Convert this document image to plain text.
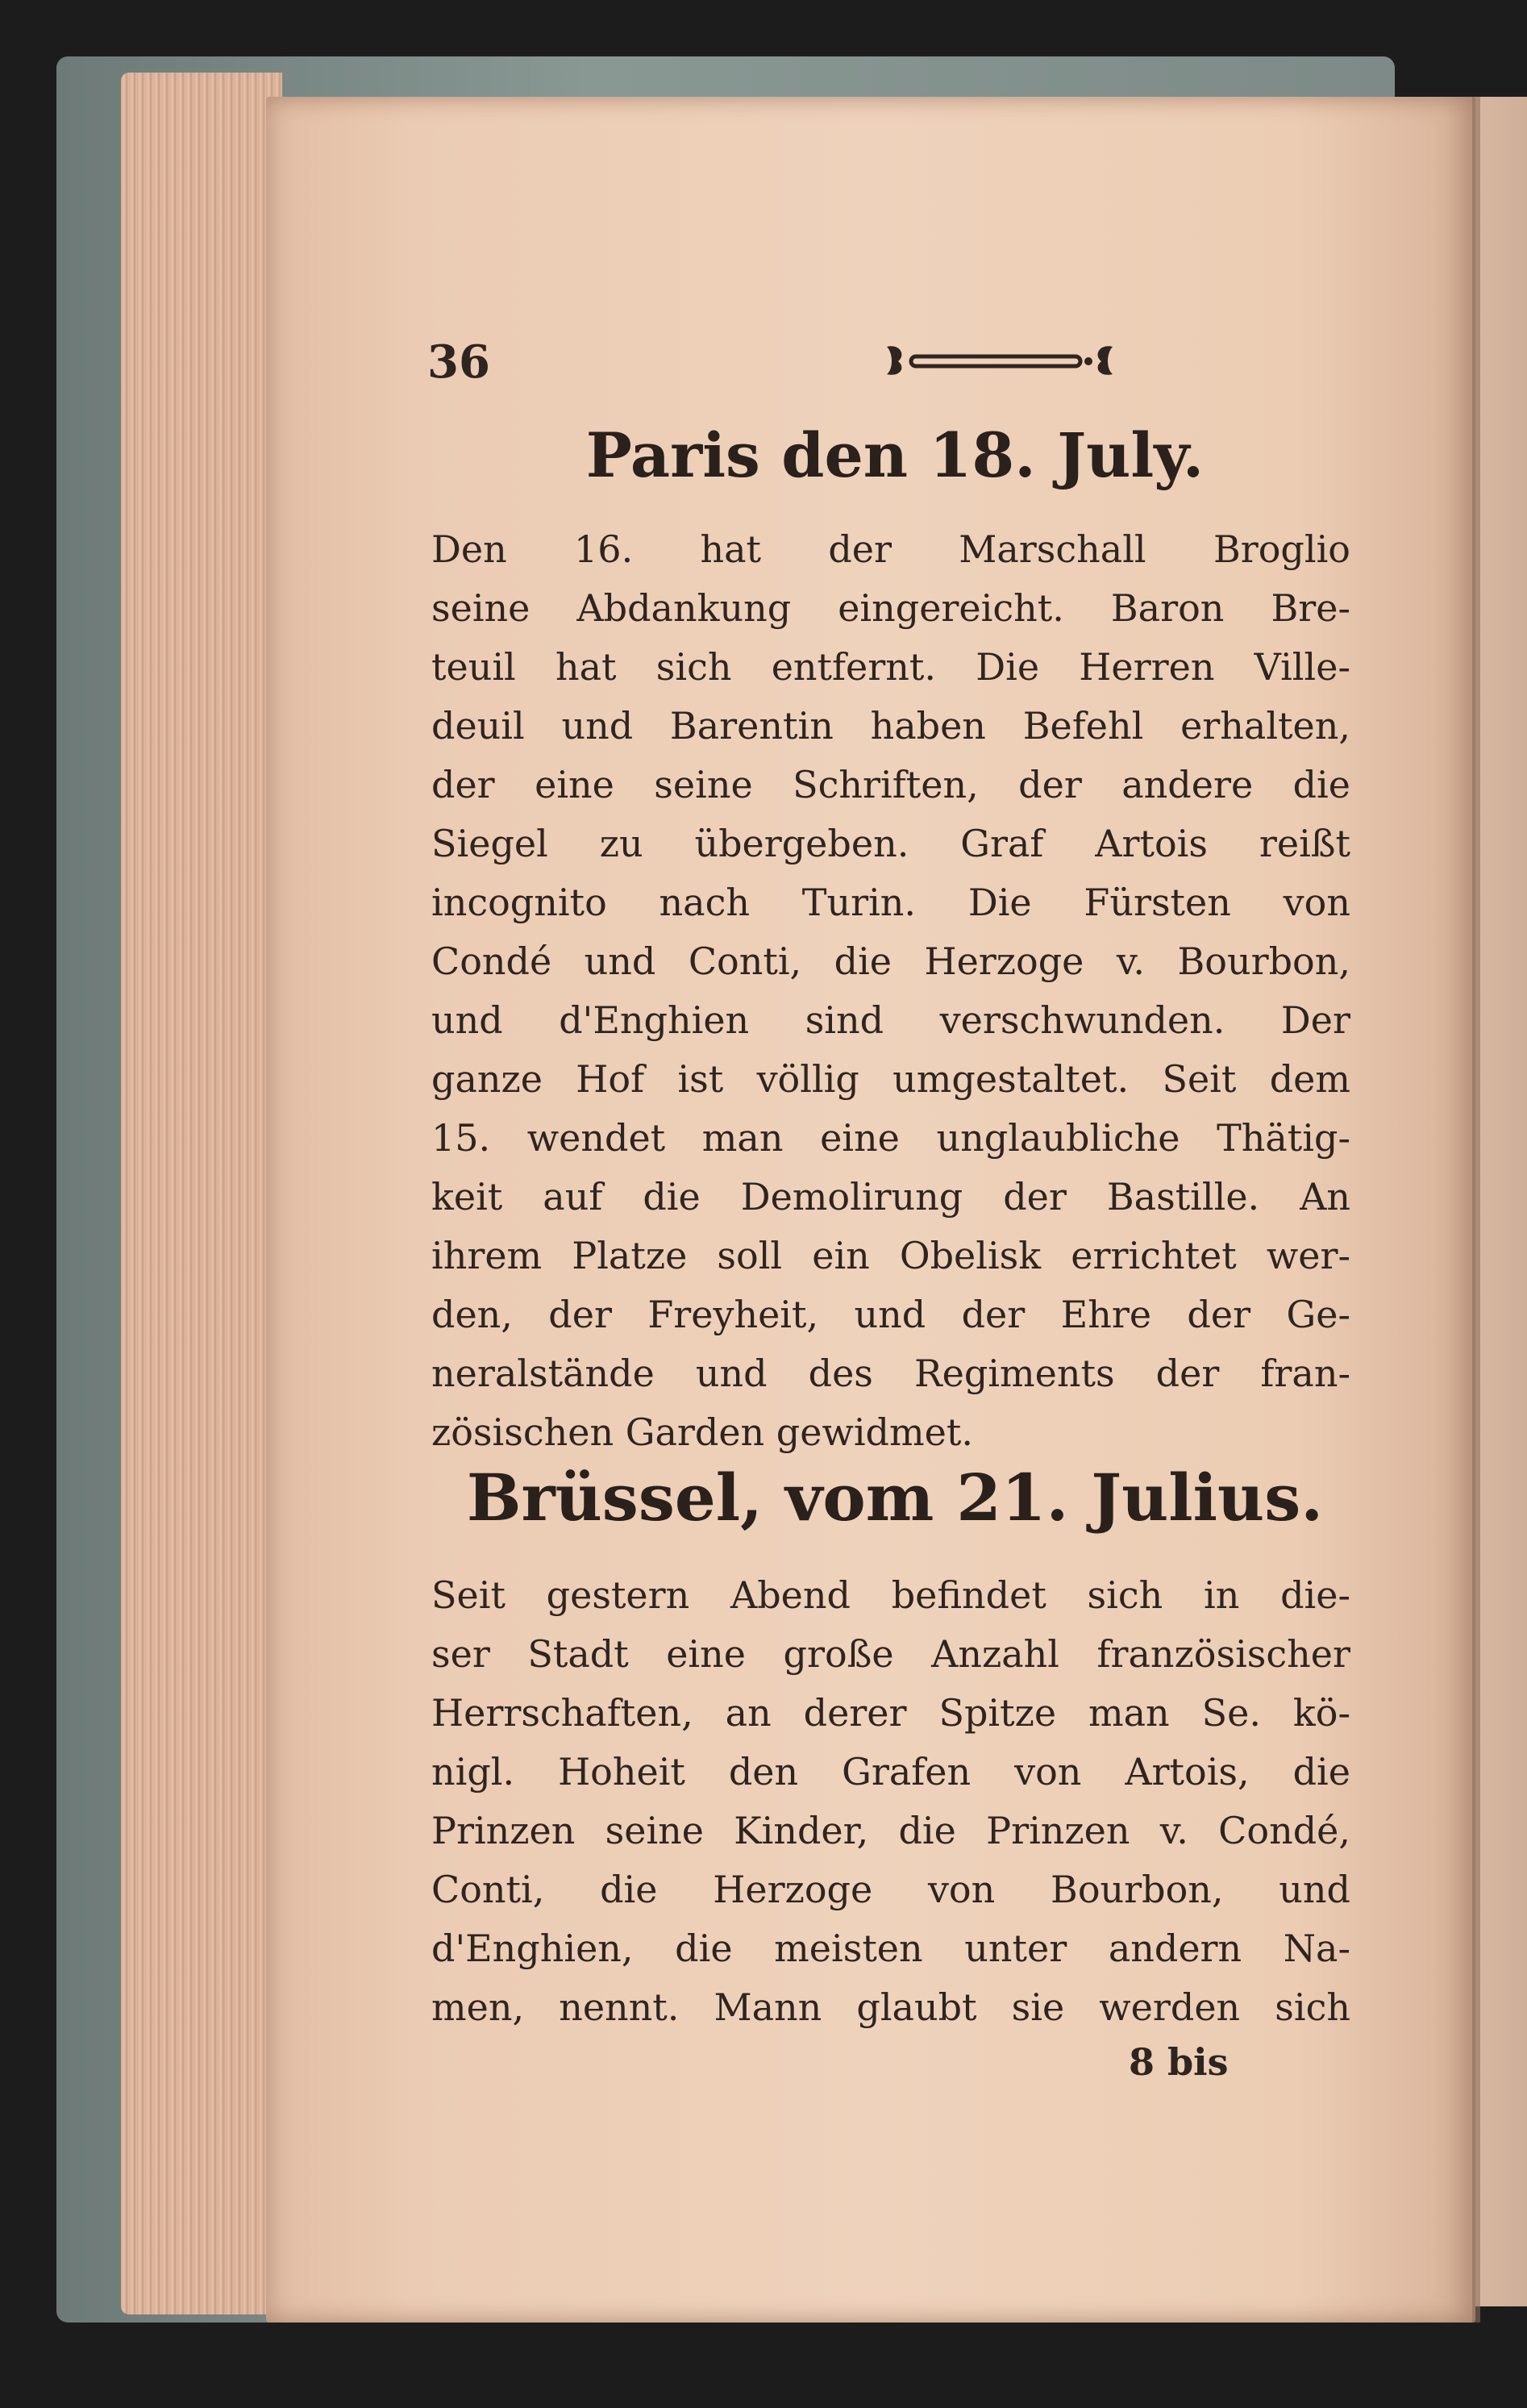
36
Paris den 18. July.
Den 16. hat der Marschall Broglio
seine Abdankung eingereicht. Baron Bre-
teuil hat sich entfernt. Die Herren Ville-
deuil und Barentin haben Befehl erhalten,
der eine seine Schriften, der andere die
Siegel zu übergeben. Graf Artois reißt
incognito nach Turin. Die Fürsten von
Condé und Conti, die Herzoge v. Bourbon,
und d'Enghien sind verschwunden. Der
ganze Hof ist völlig umgestaltet. Seit dem
15. wendet man eine unglaubliche Thätig-
keit auf die Demolirung der Bastille. An
ihrem Platze soll ein Obelisk errichtet wer-
den, der Freyheit, und der Ehre der Ge-
neralstände und des Regiments der fran-
zösischen Garden gewidmet.
Brüssel, vom 21. Julius.
Seit gestern Abend befindet sich in die-
ser Stadt eine große Anzahl französischer
Herrschaften, an derer Spitze man Se. kö-
nigl. Hoheit den Grafen von Artois, die
Prinzen seine Kinder, die Prinzen v. Condé,
Conti, die Herzoge von Bourbon, und
d'Enghien, die meisten unter andern Na-
men, nennt. Mann glaubt sie werden sich
8 bis
